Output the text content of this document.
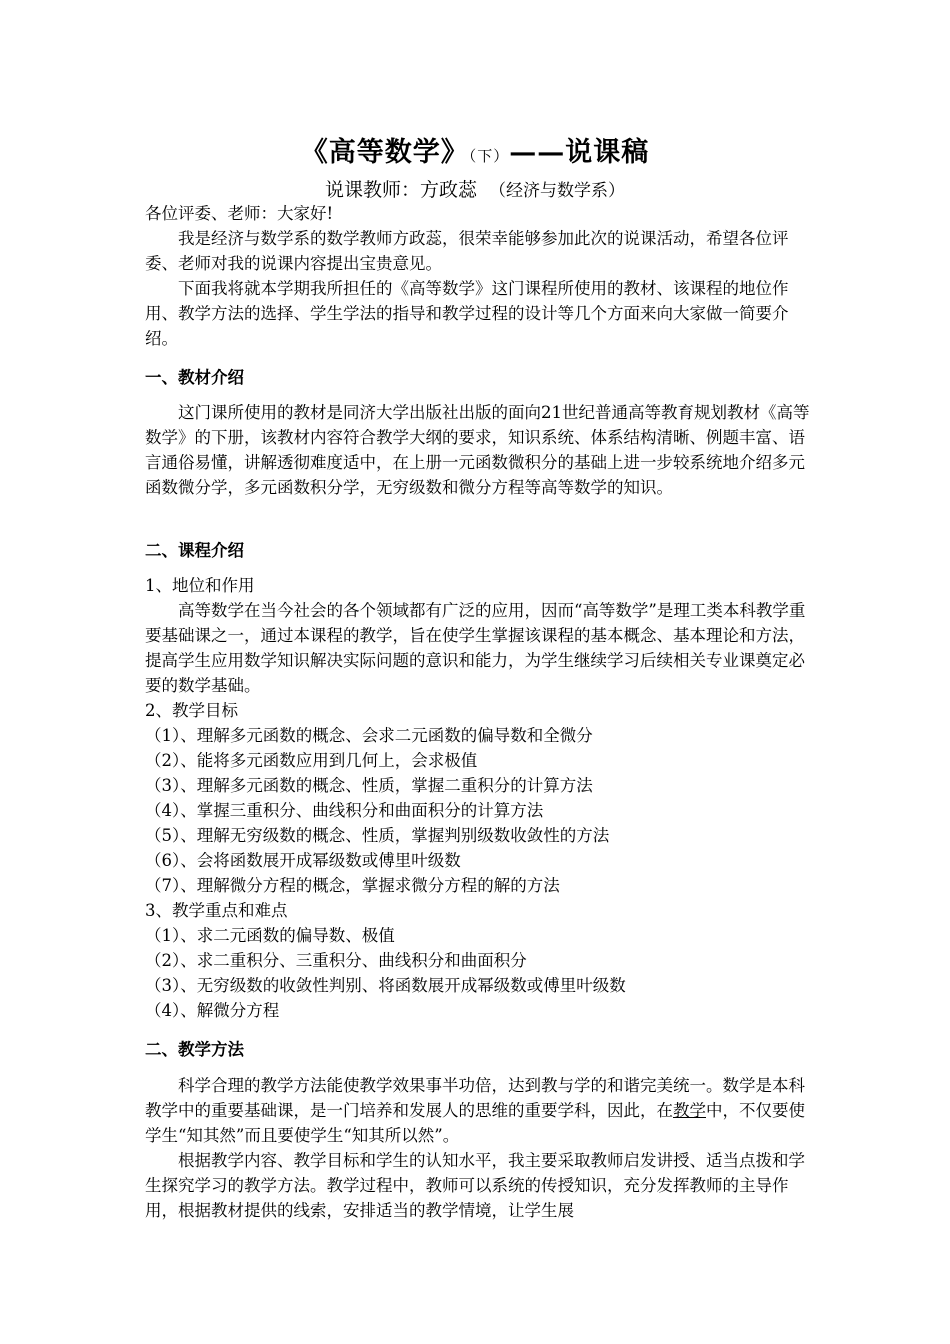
《高等数学》（下）——说课稿
说课教师：方政蕊 （经济与数学系）
各位评委、老师：大家好!

我是经济与数学系的数学教师方政蕊，很荣幸能够参加此次的说课活动，希望各位评委、老师对我的说课内容提出宝贵意见。

下面我将就本学期我所担任的《高等数学》这门课程所使用的教材、该课程的地位作用、教学方法的选择、学生学法的指导和教学过程的设计等几个方面来向大家做一简要介绍。

一、教材介绍

这门课所使用的教材是同济大学出版社出版的面向21世纪普通高等教育规划教材《高等数学》的下册，该教材内容符合教学大纲的要求，知识系统、体系结构清晰、例题丰富、语言通俗易懂，讲解透彻难度适中，在上册一元函数微积分的基础上进一步较系统地介绍多元函数微分学，多元函数积分学，无穷级数和微分方程等高等数学的知识。

二、课程介绍
1、地位和作用

高等数学在当今社会的各个领域都有广泛的应用，因而“高等数学”是理工类本科教学重要基础课之一，通过本课程的教学，旨在使学生掌握该课程的基本概念、基本理论和方法，提高学生应用数学知识解决实际问题的意识和能力，为学生继续学习后续相关专业课奠定必要的数学基础。

2、教学目标
（1）、理解多元函数的概念、会求二元函数的偏导数和全微分
（2）、能将多元函数应用到几何上，会求极值
（3）、理解多元函数的概念、性质，掌握二重积分的计算方法
（4）、掌握三重积分、曲线积分和曲面积分的计算方法
（5）、理解无穷级数的概念、性质，掌握判别级数收敛性的方法
（6）、会将函数展开成幂级数或傅里叶级数
（7）、理解微分方程的概念，掌握求微分方程的解的方法
3、教学重点和难点
（1）、求二元函数的偏导数、极值
（2）、求二重积分、三重积分、曲线积分和曲面积分
（3）、无穷级数的收敛性判别、将函数展开成幂级数或傅里叶级数
（4）、解微分方程
二、教学方法

科学合理的教学方法能使教学效果事半功倍，达到教与学的和谐完美统一。数学是本科教学中的重要基础课，是一门培养和发展人的思维的重要学科，因此，在教学中，不仅要使学生“知其然”而且要使学生“知其所以然”。

根据教学内容、教学目标和学生的认知水平，我主要采取教师启发讲授、适当点拨和学生探究学习的教学方法。教学过程中，教师可以系统的传授知识，充分发挥教师的主导作用，根据教材提供的线索，安排适当的教学情境，让学生展
